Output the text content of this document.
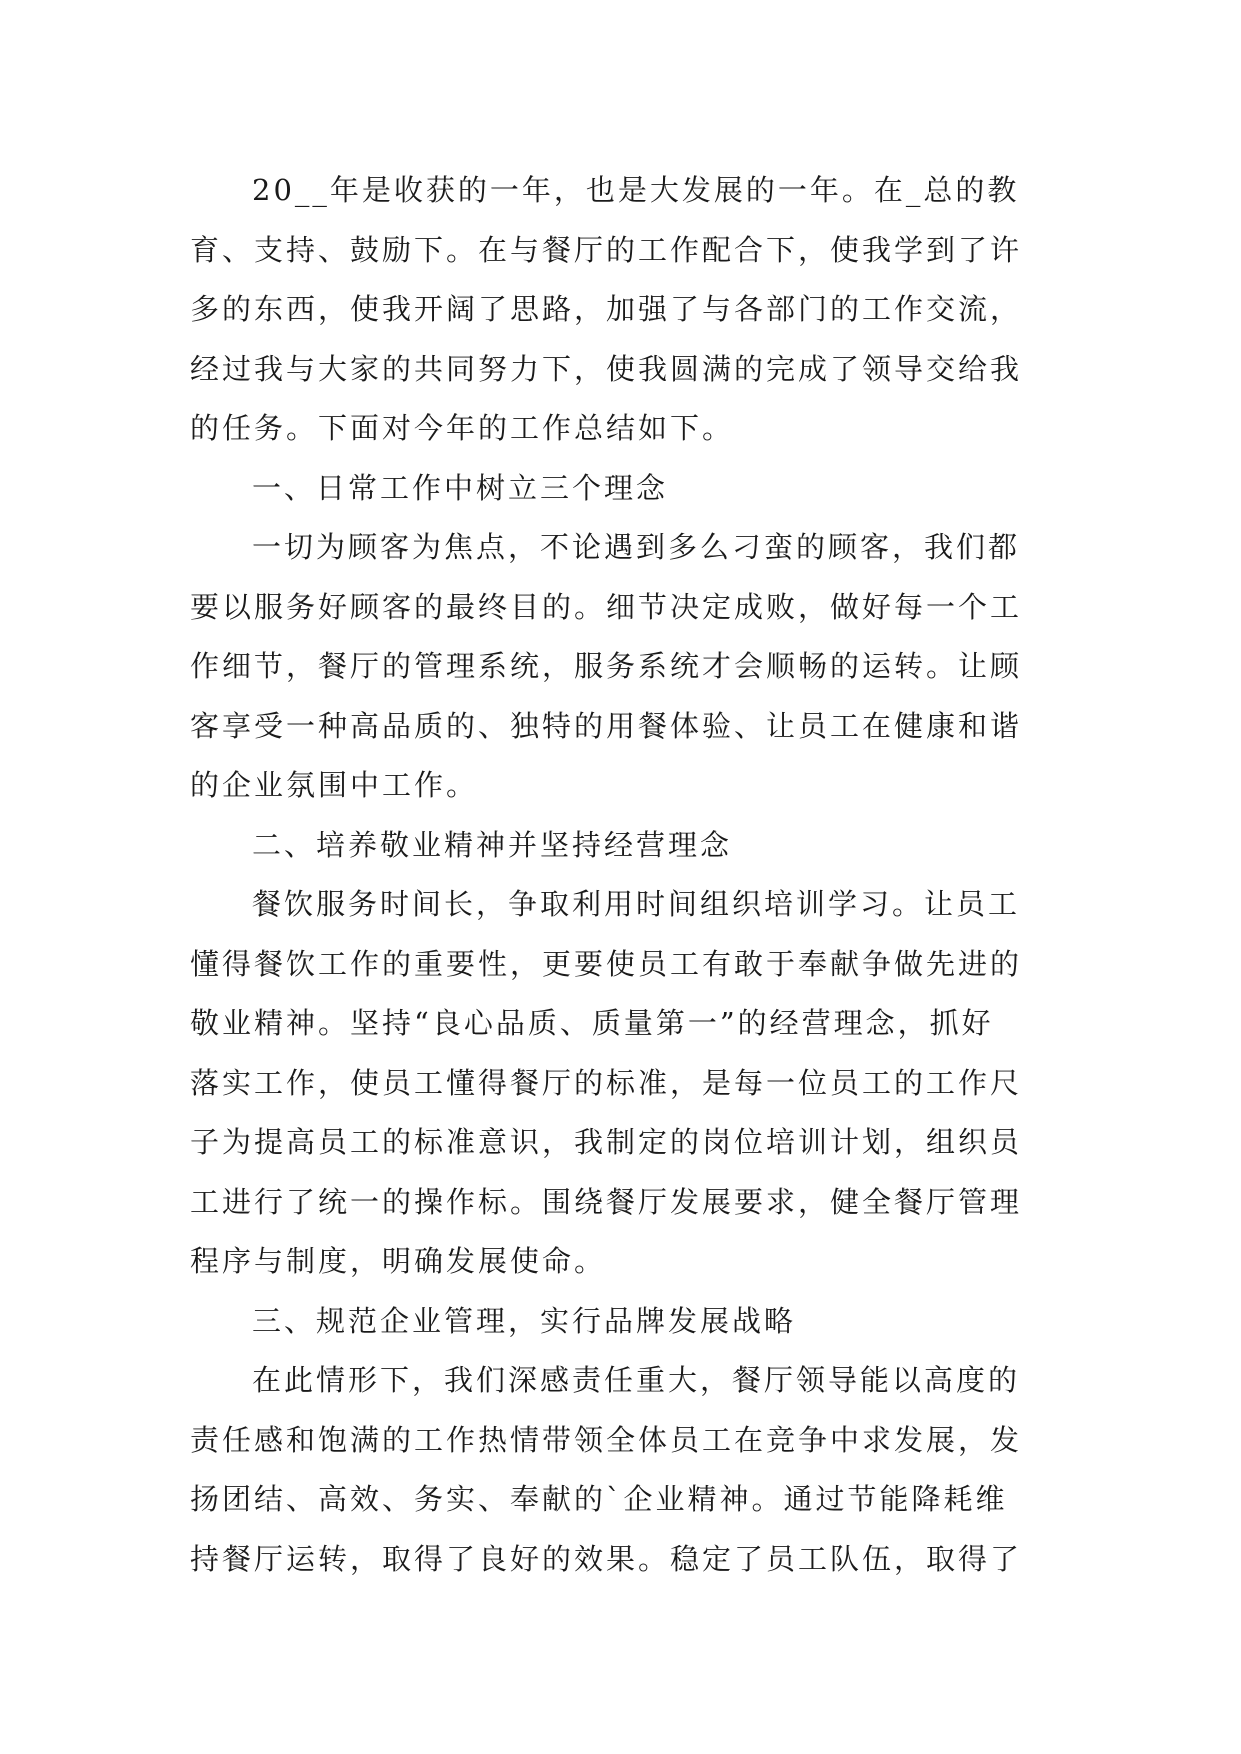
20__年是收获的一年，也是大发展的一年。在_总的教
育、支持、鼓励下。在与餐厅的工作配合下，使我学到了许
多的东西，使我开阔了思路，加强了与各部门的工作交流，
经过我与大家的共同努力下，使我圆满的完成了领导交给我
的任务。下面对今年的工作总结如下。
一、日常工作中树立三个理念
一切为顾客为焦点，不论遇到多么刁蛮的顾客，我们都
要以服务好顾客的最终目的。细节决定成败，做好每一个工
作细节，餐厅的管理系统，服务系统才会顺畅的运转。让顾
客享受一种高品质的、独特的用餐体验、让员工在健康和谐
的企业氛围中工作。
二、培养敬业精神并坚持经营理念
餐饮服务时间长，争取利用时间组织培训学习。让员工
懂得餐饮工作的重要性，更要使员工有敢于奉献争做先进的
敬业精神。坚持“良心品质、质量第一”的经营理念，抓好
落实工作，使员工懂得餐厅的标准，是每一位员工的工作尺
子为提高员工的标准意识，我制定的岗位培训计划，组织员
工进行了统一的操作标。围绕餐厅发展要求，健全餐厅管理
程序与制度，明确发展使命。
三、规范企业管理，实行品牌发展战略
在此情形下，我们深感责任重大，餐厅领导能以高度的
责任感和饱满的工作热情带领全体员工在竞争中求发展，发
扬团结、高效、务实、奉献的`企业精神。通过节能降耗维
持餐厅运转，取得了良好的效果。稳定了员工队伍，取得了
